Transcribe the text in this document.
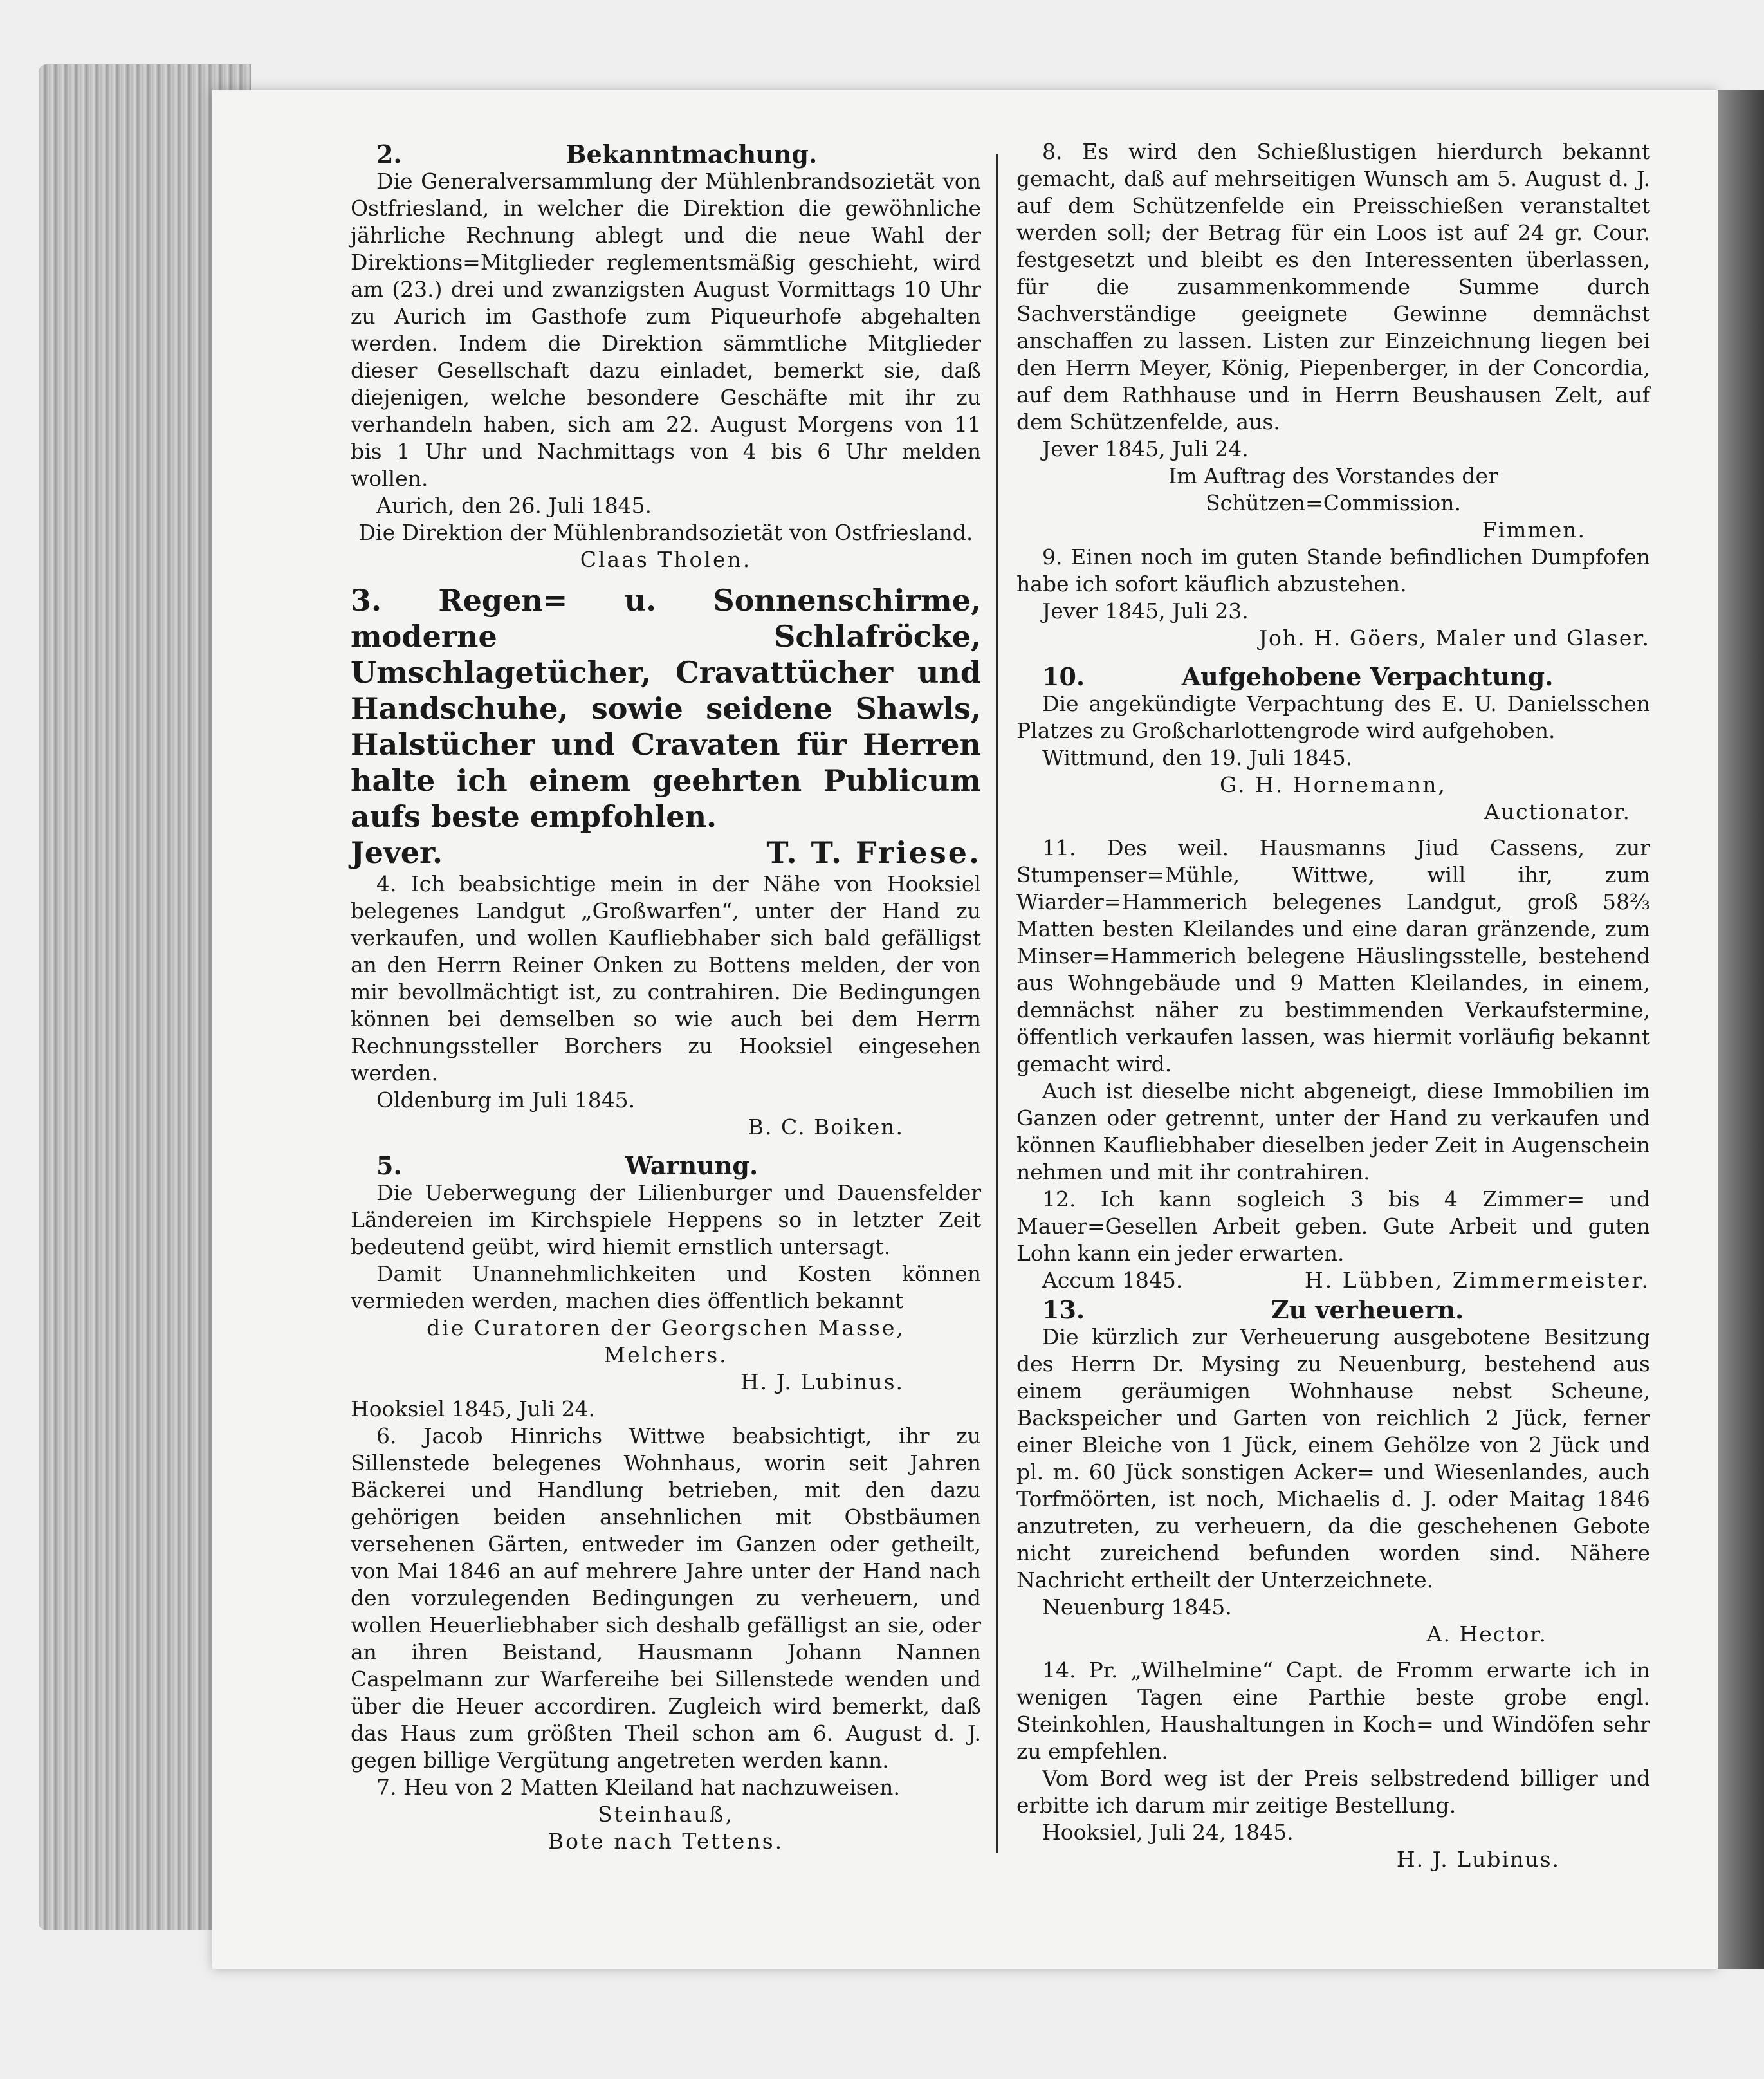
2.	Bekanntmachung.

Die Generalversammlung der Mühlenbrandsozietät von Ostfriesland, in welcher die Direktion die gewöhnliche jährliche Rechnung ablegt und die neue Wahl der Direktions=Mitglieder reglementsmäßig geschieht, wird am (23.) drei und zwanzigsten August Vormittags 10 Uhr zu Aurich im Gasthofe zum Piqueurhofe abgehalten werden. Indem die Direktion sämmtliche Mitglieder dieser Gesellschaft dazu einladet, bemerkt sie, daß diejenigen, welche besondere Geschäfte mit ihr zu verhandeln haben, sich am 22. August Morgens von 11 bis 1 Uhr und Nachmittags von 4 bis 6 Uhr melden wollen.

Aurich, den 26. Juli 1845.

Die Direktion der Mühlenbrandsozietät von Ostfriesland.

Claas Tholen.

3. Regen= u. Sonnenschirme, moderne Schlafröcke, Umschlagetücher, Cravattücher und Handschuhe, sowie seidene Shawls, Halstücher und Cravaten für Herren halte ich einem geehrten Publicum aufs beste empfohlen.

Jever.	T. T. Friese.

4. Ich beabsichtige mein in der Nähe von Hooksiel belegenes Landgut „Großwarfen“, unter der Hand zu verkaufen, und wollen Kaufliebhaber sich bald gefälligst an den Herrn Reiner Onken zu Bottens melden, der von mir bevollmächtigt ist, zu contrahiren. Die Bedingungen können bei demselben so wie auch bei dem Herrn Rechnungssteller Borchers zu Hooksiel eingesehen werden.

Oldenburg im Juli 1845.

B. C. Boiken.

5.	Warnung.

Die Ueberwegung der Lilienburger und Dauensfelder Ländereien im Kirchspiele Heppens so in letzter Zeit bedeutend geübt, wird hiemit ernstlich untersagt.

Damit Unannehmlichkeiten und Kosten können vermieden werden, machen dies öffentlich bekannt

die Curatoren der Georgschen Masse,

Melchers.

H. J. Lubinus.

Hooksiel 1845, Juli 24.

6. Jacob Hinrichs Wittwe beabsichtigt, ihr zu Sillenstede belegenes Wohnhaus, worin seit Jahren Bäckerei und Handlung betrieben, mit den dazu gehörigen beiden ansehnlichen mit Obstbäumen versehenen Gärten, entweder im Ganzen oder getheilt, von Mai 1846 an auf mehrere Jahre unter der Hand nach den vorzulegenden Bedingungen zu verheuern, und wollen Heuerliebhaber sich deshalb gefälligst an sie, oder an ihren Beistand, Hausmann Johann Nannen Caspelmann zur Warfereihe bei Sillenstede wenden und über die Heuer accordiren. Zugleich wird bemerkt, daß das Haus zum größten Theil schon am 6. August d. J. gegen billige Vergütung angetreten werden kann.

7. Heu von 2 Matten Kleiland hat nachzuweisen.

Steinhauß,

Bote nach Tettens.

8. Es wird den Schießlustigen hierdurch bekannt gemacht, daß auf mehrseitigen Wunsch am 5. August d. J. auf dem Schützenfelde ein Preisschießen veranstaltet werden soll; der Betrag für ein Loos ist auf 24 gr. Cour. festgesetzt und bleibt es den Interessenten überlassen, für die zusammenkommende Summe durch Sachverständige geeignete Gewinne demnächst anschaffen zu lassen. Listen zur Einzeichnung liegen bei den Herrn Meyer, König, Piepenberger, in der Concordia, auf dem Rathhause und in Herrn Beushausen Zelt, auf dem Schützenfelde, aus.

Jever 1845, Juli 24.

Im Auftrag des Vorstandes der

Schützen=Commission.

Fimmen.

9. Einen noch im guten Stande befindlichen Dumpfofen habe ich sofort käuflich abzustehen.

Jever 1845, Juli 23.

Joh. H. Göers, Maler und Glaser.

10.	Aufgehobene Verpachtung.

Die angekündigte Verpachtung des E. U. Danielsschen Platzes zu Großcharlottengrode wird aufgehoben.

Wittmund, den 19. Juli 1845.

G. H. Hornemann,

Auctionator.

11. Des weil. Hausmanns Jiud Cassens, zur Stumpenser=Mühle, Wittwe, will ihr, zum Wiarder=Hammerich belegenes Landgut, groß 58⅔ Matten besten Kleilandes und eine daran gränzende, zum Minser=Hammerich belegene Häuslingsstelle, bestehend aus Wohngebäude und 9 Matten Kleilandes, in einem, demnächst näher zu bestimmenden Verkaufstermine, öffentlich verkaufen lassen, was hiermit vorläufig bekannt gemacht wird.

Auch ist dieselbe nicht abgeneigt, diese Immobilien im Ganzen oder getrennt, unter der Hand zu verkaufen und können Kaufliebhaber dieselben jeder Zeit in Augenschein nehmen und mit ihr contrahiren.

12. Ich kann sogleich 3 bis 4 Zimmer= und Mauer=Gesellen Arbeit geben. Gute Arbeit und guten Lohn kann ein jeder erwarten.

Accum 1845.	H. Lübben, Zimmermeister.

13.	Zu verheuern.

Die kürzlich zur Verheuerung ausgebotene Besitzung des Herrn Dr. Mysing zu Neuenburg, bestehend aus einem geräumigen Wohnhause nebst Scheune, Backspeicher und Garten von reichlich 2 Jück, ferner einer Bleiche von 1 Jück, einem Gehölze von 2 Jück und pl. m. 60 Jück sonstigen Acker= und Wiesenlandes, auch Torfmöörten, ist noch, Michaelis d. J. oder Maitag 1846 anzutreten, zu verheuern, da die geschehenen Gebote nicht zureichend befunden worden sind. Nähere Nachricht ertheilt der Unterzeichnete.

Neuenburg 1845.

A. Hector.

14. Pr. „Wilhelmine“ Capt. de Fromm erwarte ich in wenigen Tagen eine Parthie beste grobe engl. Steinkohlen, Haushaltungen in Koch= und Windöfen sehr zu empfehlen.

Vom Bord weg ist der Preis selbstredend billiger und erbitte ich darum mir zeitige Bestellung.

Hooksiel, Juli 24, 1845.

H. J. Lubinus.
